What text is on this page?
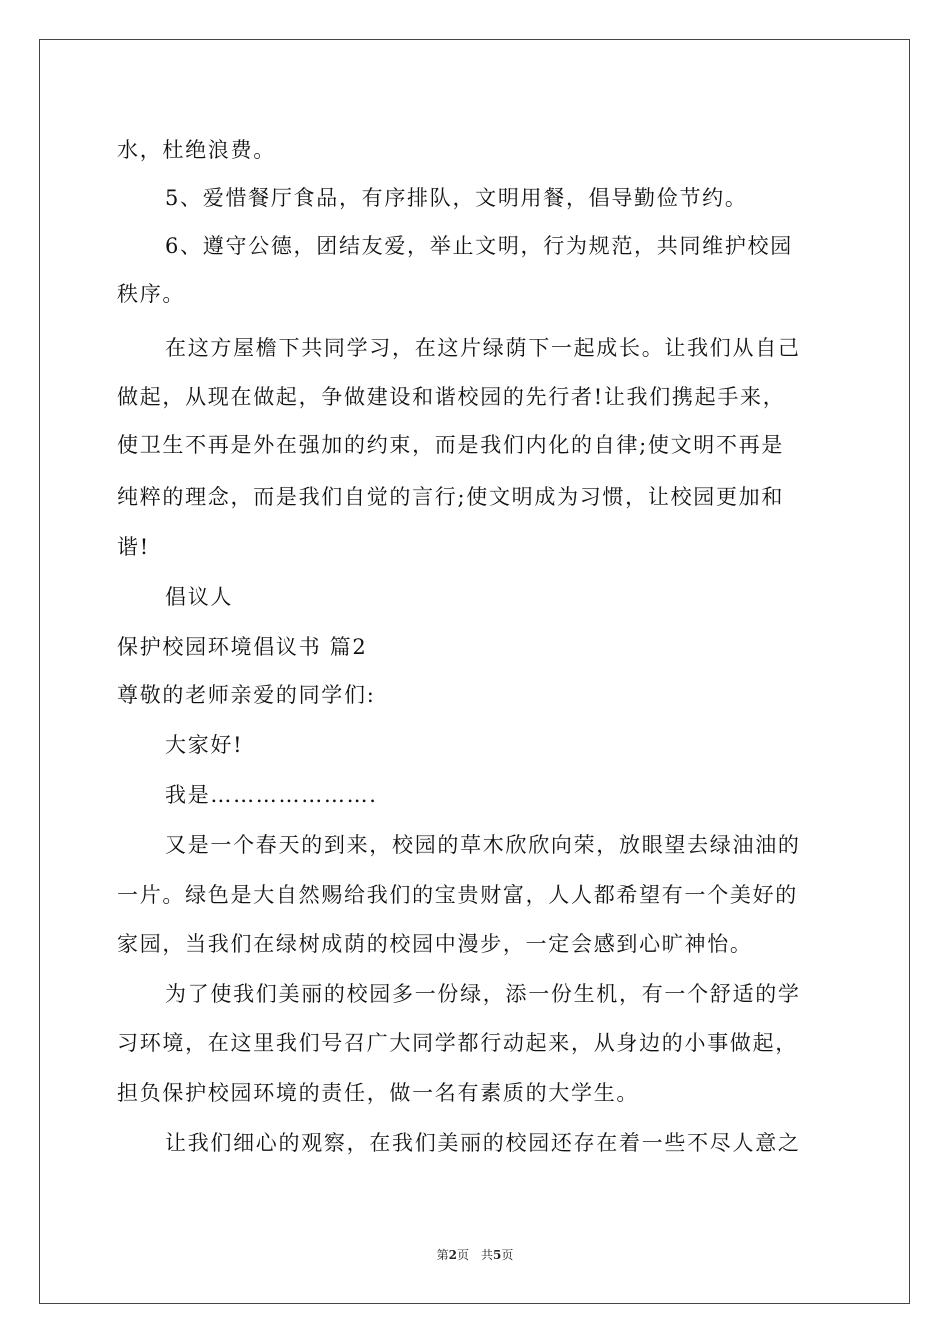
水，杜绝浪费。
5、爱惜餐厅食品，有序排队，文明用餐，倡导勤俭节约。
6、遵守公德，团结友爱，举止文明，行为规范，共同维护校园
秩序。
在这方屋檐下共同学习，在这片绿荫下一起成长。让我们从自己
做起，从现在做起，争做建设和谐校园的先行者!让我们携起手来，
使卫生不再是外在强加的约束，而是我们内化的自律;使文明不再是
纯粹的理念，而是我们自觉的言行;使文明成为习惯，让校园更加和
谐!
倡议人
保护校园环境倡议书 篇2
尊敬的老师亲爱的同学们:
大家好!
我是………………….
又是一个春天的到来，校园的草木欣欣向荣，放眼望去绿油油的
一片。绿色是大自然赐给我们的宝贵财富，人人都希望有一个美好的
家园，当我们在绿树成荫的校园中漫步，一定会感到心旷神怡。
为了使我们美丽的校园多一份绿，添一份生机，有一个舒适的学
习环境，在这里我们号召广大同学都行动起来，从身边的小事做起，
担负保护校园环境的责任，做一名有素质的大学生。
让我们细心的观察，在我们美丽的校园还存在着一些不尽人意之
第2页　共5页
